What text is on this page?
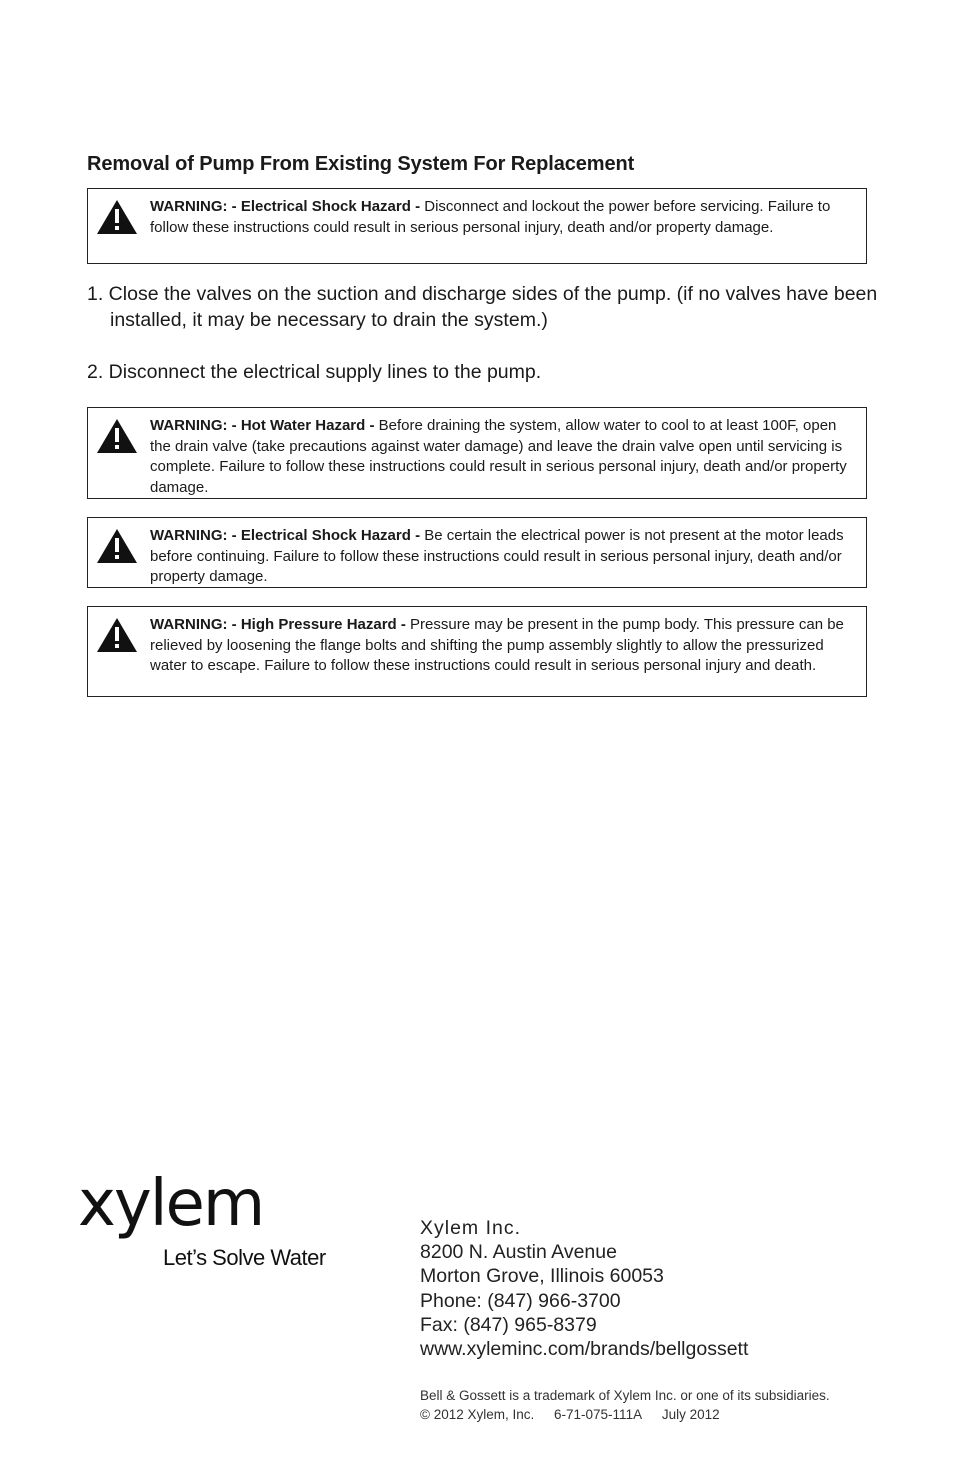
Removal of Pump From Existing System For Replacement
WARNING: - Electrical Shock Hazard - Disconnect and lockout the power before servicing. Failure to follow these instructions could result in serious personal injury, death and/or property damage.

1. Close the valves on the suction and discharge sides of the pump. (if no valves have been installed, it may be necessary to drain the system.)

2. Disconnect the electrical supply lines to the pump.

WARNING: - Hot Water Hazard - Before draining the system, allow water to cool to at least 100F, open the drain valve (take precautions against water damage) and leave the drain valve open until servicing is complete. Failure to follow these instructions could result in serious personal injury, death and/or property damage.
WARNING: - Electrical Shock Hazard - Be certain the electrical power is not present at the motor leads before continuing. Failure to follow these instructions could result in serious personal injury, death and/or property damage.
WARNING: - High Pressure Hazard - Pressure may be present in the pump body. This pressure can be relieved by loosening the flange bolts and shifting the pump assembly slightly to allow the pressurized water to escape. Failure to follow these instructions could result in serious personal injury and death.
xylem
Let’s Solve Water
Xylem Inc.
8200 N. Austin Avenue
Morton Grove, Illinois 60053
Phone: (847) 966-3700
Fax: (847) 965-8379
www.xyleminc.com/brands/bellgossett
Bell & Gossett is a trademark of Xylem Inc. or one of its subsidiaries.
© 2012 Xylem, Inc. 6-71-075-111A July 2012
